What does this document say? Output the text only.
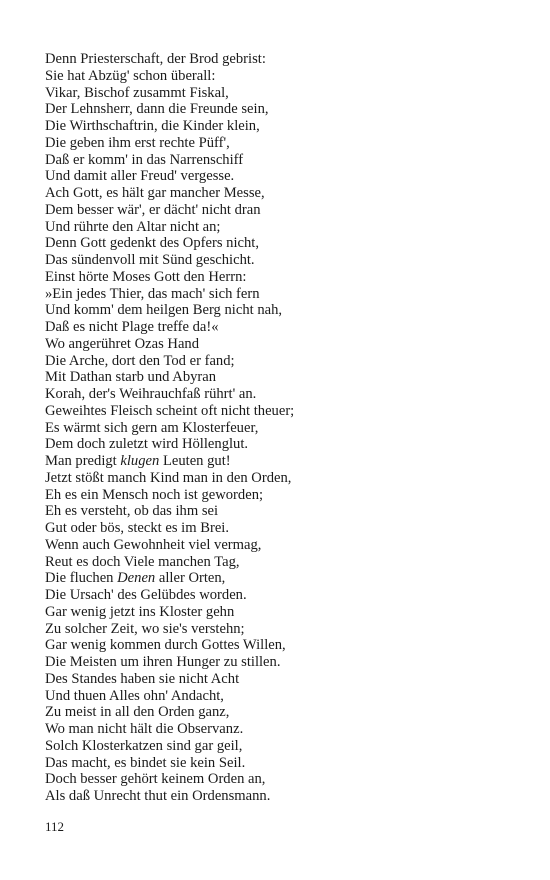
Denn Priesterschaft, der Brod gebrist:
Sie hat Abzüg' schon überall:
Vikar, Bischof zusammt Fiskal,
Der Lehnsherr, dann die Freunde sein,
Die Wirthschaftrin, die Kinder klein,
Die geben ihm erst rechte Püff',
Daß er komm' in das Narrenschiff
Und damit aller Freud' vergesse.
Ach Gott, es hält gar mancher Messe,
Dem besser wär', er dächt' nicht dran
Und rührte den Altar nicht an;
Denn Gott gedenkt des Opfers nicht,
Das sündenvoll mit Sünd geschicht.
Einst hörte Moses Gott den Herrn:
»Ein jedes Thier, das mach' sich fern
Und komm' dem heilgen Berg nicht nah,
Daß es nicht Plage treffe da!«
Wo angerühret Ozas Hand
Die Arche, dort den Tod er fand;
Mit Dathan starb und Abyran
Korah, der's Weihrauchfaß rührt' an.
Geweihtes Fleisch scheint oft nicht theuer;
Es wärmt sich gern am Klosterfeuer,
Dem doch zuletzt wird Höllenglut.
Man predigt klugen Leuten gut!
Jetzt stößt manch Kind man in den Orden,
Eh es ein Mensch noch ist geworden;
Eh es versteht, ob das ihm sei
Gut oder bös, steckt es im Brei.
Wenn auch Gewohnheit viel vermag,
Reut es doch Viele manchen Tag,
Die fluchen Denen aller Orten,
Die Ursach' des Gelübdes worden.
Gar wenig jetzt ins Kloster gehn
Zu solcher Zeit, wo sie's verstehn;
Gar wenig kommen durch Gottes Willen,
Die Meisten um ihren Hunger zu stillen.
Des Standes haben sie nicht Acht
Und thuen Alles ohn' Andacht,
Zu meist in all den Orden ganz,
Wo man nicht hält die Observanz.
Solch Klosterkatzen sind gar geil,
Das macht, es bindet sie kein Seil.
Doch besser gehört keinem Orden an,
Als daß Unrecht thut ein Ordensmann.
112
